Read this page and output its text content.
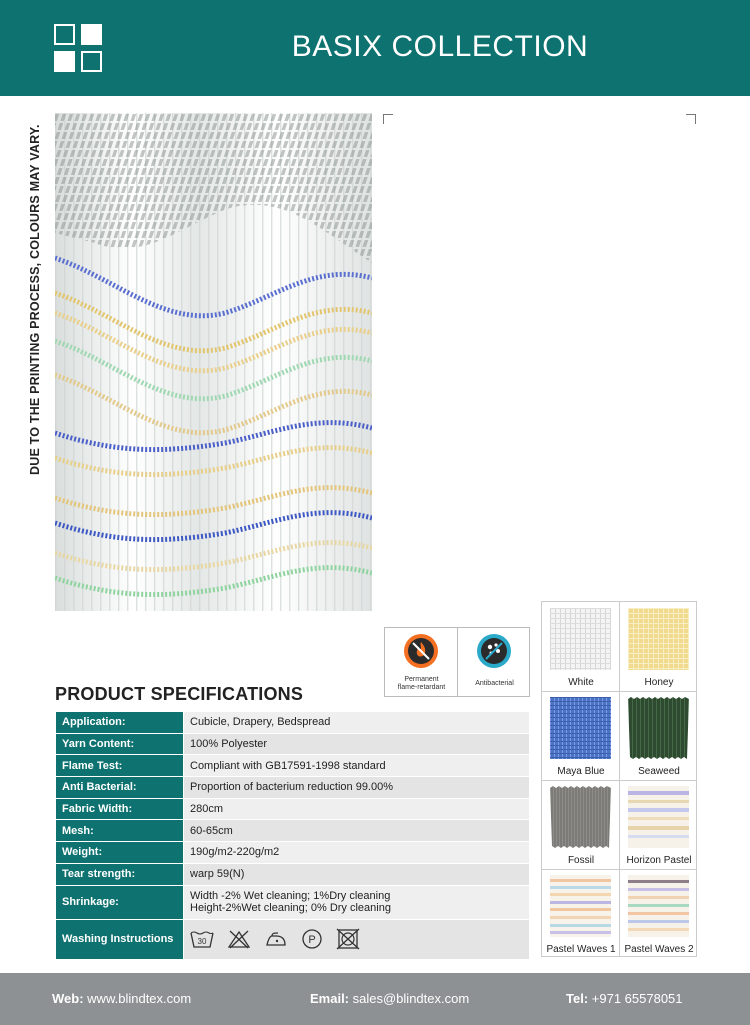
BASIX COLLECTION
DUE TO THE PRINTING PROCESS, COLOURS MAY VARY.
Permanent
flame-retardant
Antibacterial
PRODUCT SPECIFICATIONS
Application:	Cubicle, Drapery, Bedspread
Yarn Content:	100% Polyester
Flame Test:	Compliant with GB17591-1998 standard
Anti Bacterial:	Proportion of bacterium reduction 99.00%
Fabric Width:	280cm
Mesh:	60-65cm
Weight:	190g/m2-220g/m2
Tear strength:	warp 59(N)
Shrinkage:	Width -2% Wet cleaning; 1%Dry cleaning
Height-2%Wet cleaning; 0% Dry cleaning

Washing Instructions	30 P
White	Honey
Maya Blue	Seaweed
Fossil	Horizon Pastel
Pastel Waves 1 Pastel Waves 2
Web: www.blindtex.com	Email: sales@blindtex.com	Tel: +971 65578051
